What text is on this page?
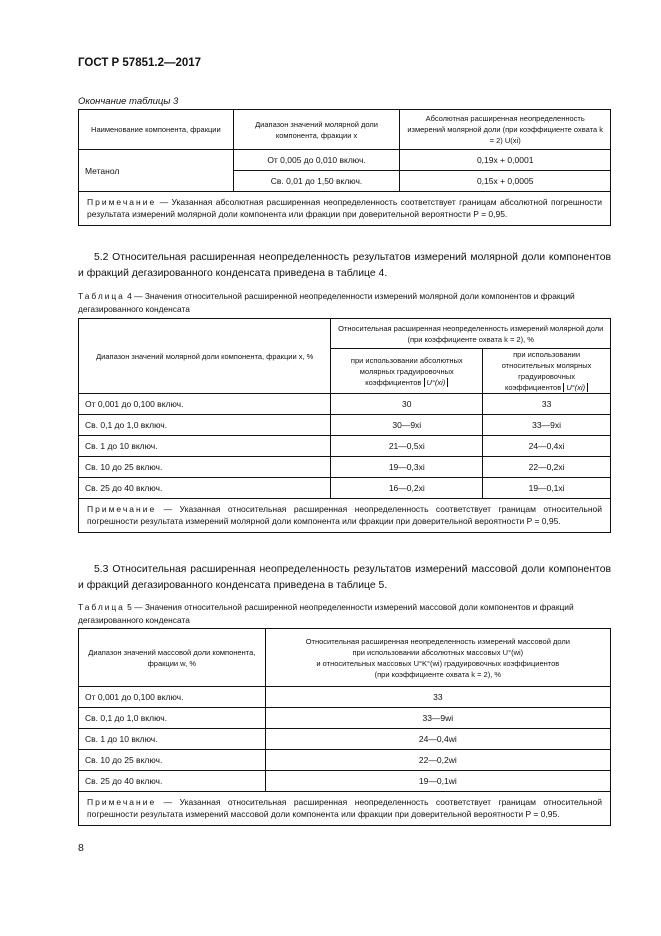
ГОСТ Р 57851.2—2017
Окончание таблицы 3
Наименование компонента, фракции	Диапазон значений молярной доли компонента, фракции x	Абсолютная расширенная неопределенность измерений молярной доли (при коэффициенте охвата k = 2) U(xi)
Метанол	От 0,005 до 0,010 включ.	0,19x + 0,0001
	Св. 0,01 до 1,50 включ.	0,15x + 0,0005
Примечание — Указанная абсолютная расширенная неопределенность соответствует границам абсолютной погрешности результата измерений молярной доли компонента или фракции при доверительной вероятности P = 0,95.		
5.2 Относительная расширенная неопределенность результатов измерений молярной доли компонентов и фракций дегазированного конденсата приведена в таблице 4.
Таблица 4 — Значения относительной расширенной неопределенности измерений молярной доли компонентов и фракций дегазированного конденсата
Диапазон значений молярной доли компонента, фракции x, %	Относительная расширенная неопределенность измерений молярной доли (при коэффициенте охвата k = 2), %	
	при использовании абсолютных молярных градуировочных коэффициентов U°(xi)	при использовании относительных молярных градуировочных коэффициентов U°(xi)
От 0,001 до 0,100 включ.	30	33
Св. 0,1 до 1,0 включ.	30—9xi	33—9xi
Св. 1 до 10 включ.	21—0,5xi	24—0,4xi
Св. 10 до 25 включ.	19—0,3xi	22—0,2xi
Св. 25 до 40 включ.	16—0,2xi	19—0,1xi
Примечание — Указанная относительная расширенная неопределенность соответствует границам относительной погрешности результата измерений молярной доли компонента или фракции при доверительной вероятности P = 0,95.		
5.3 Относительная расширенная неопределенность результатов измерений массовой доли компонентов и фракций дегазированного конденсата приведена в таблице 5.
Таблица 5 — Значения относительной расширенной неопределенности измерений массовой доли компонентов и фракций дегазированного конденсата
Диапазон значений массовой доли компонента, фракции w, %	Относительная расширенная неопределенность измерений массовой доли
при использовании абсолютных массовых U°(wi)
и относительных массовых U°K°(wi) градуировочных коэффициентов
(при коэффициенте охвата k = 2), %

От 0,001 до 0,100 включ.	33
Св. 0,1 до 1,0 включ.	33—9wi
Св. 1 до 10 включ.	24—0,4wi
Св. 10 до 25 включ.	22—0,2wi
Св. 25 до 40 включ.	19—0,1wi
Примечание — Указанная относительная расширенная неопределенность соответствует границам относительной погрешности результата измерений массовой доли компонента или фракции при доверительной вероятности P = 0,95.	
8
